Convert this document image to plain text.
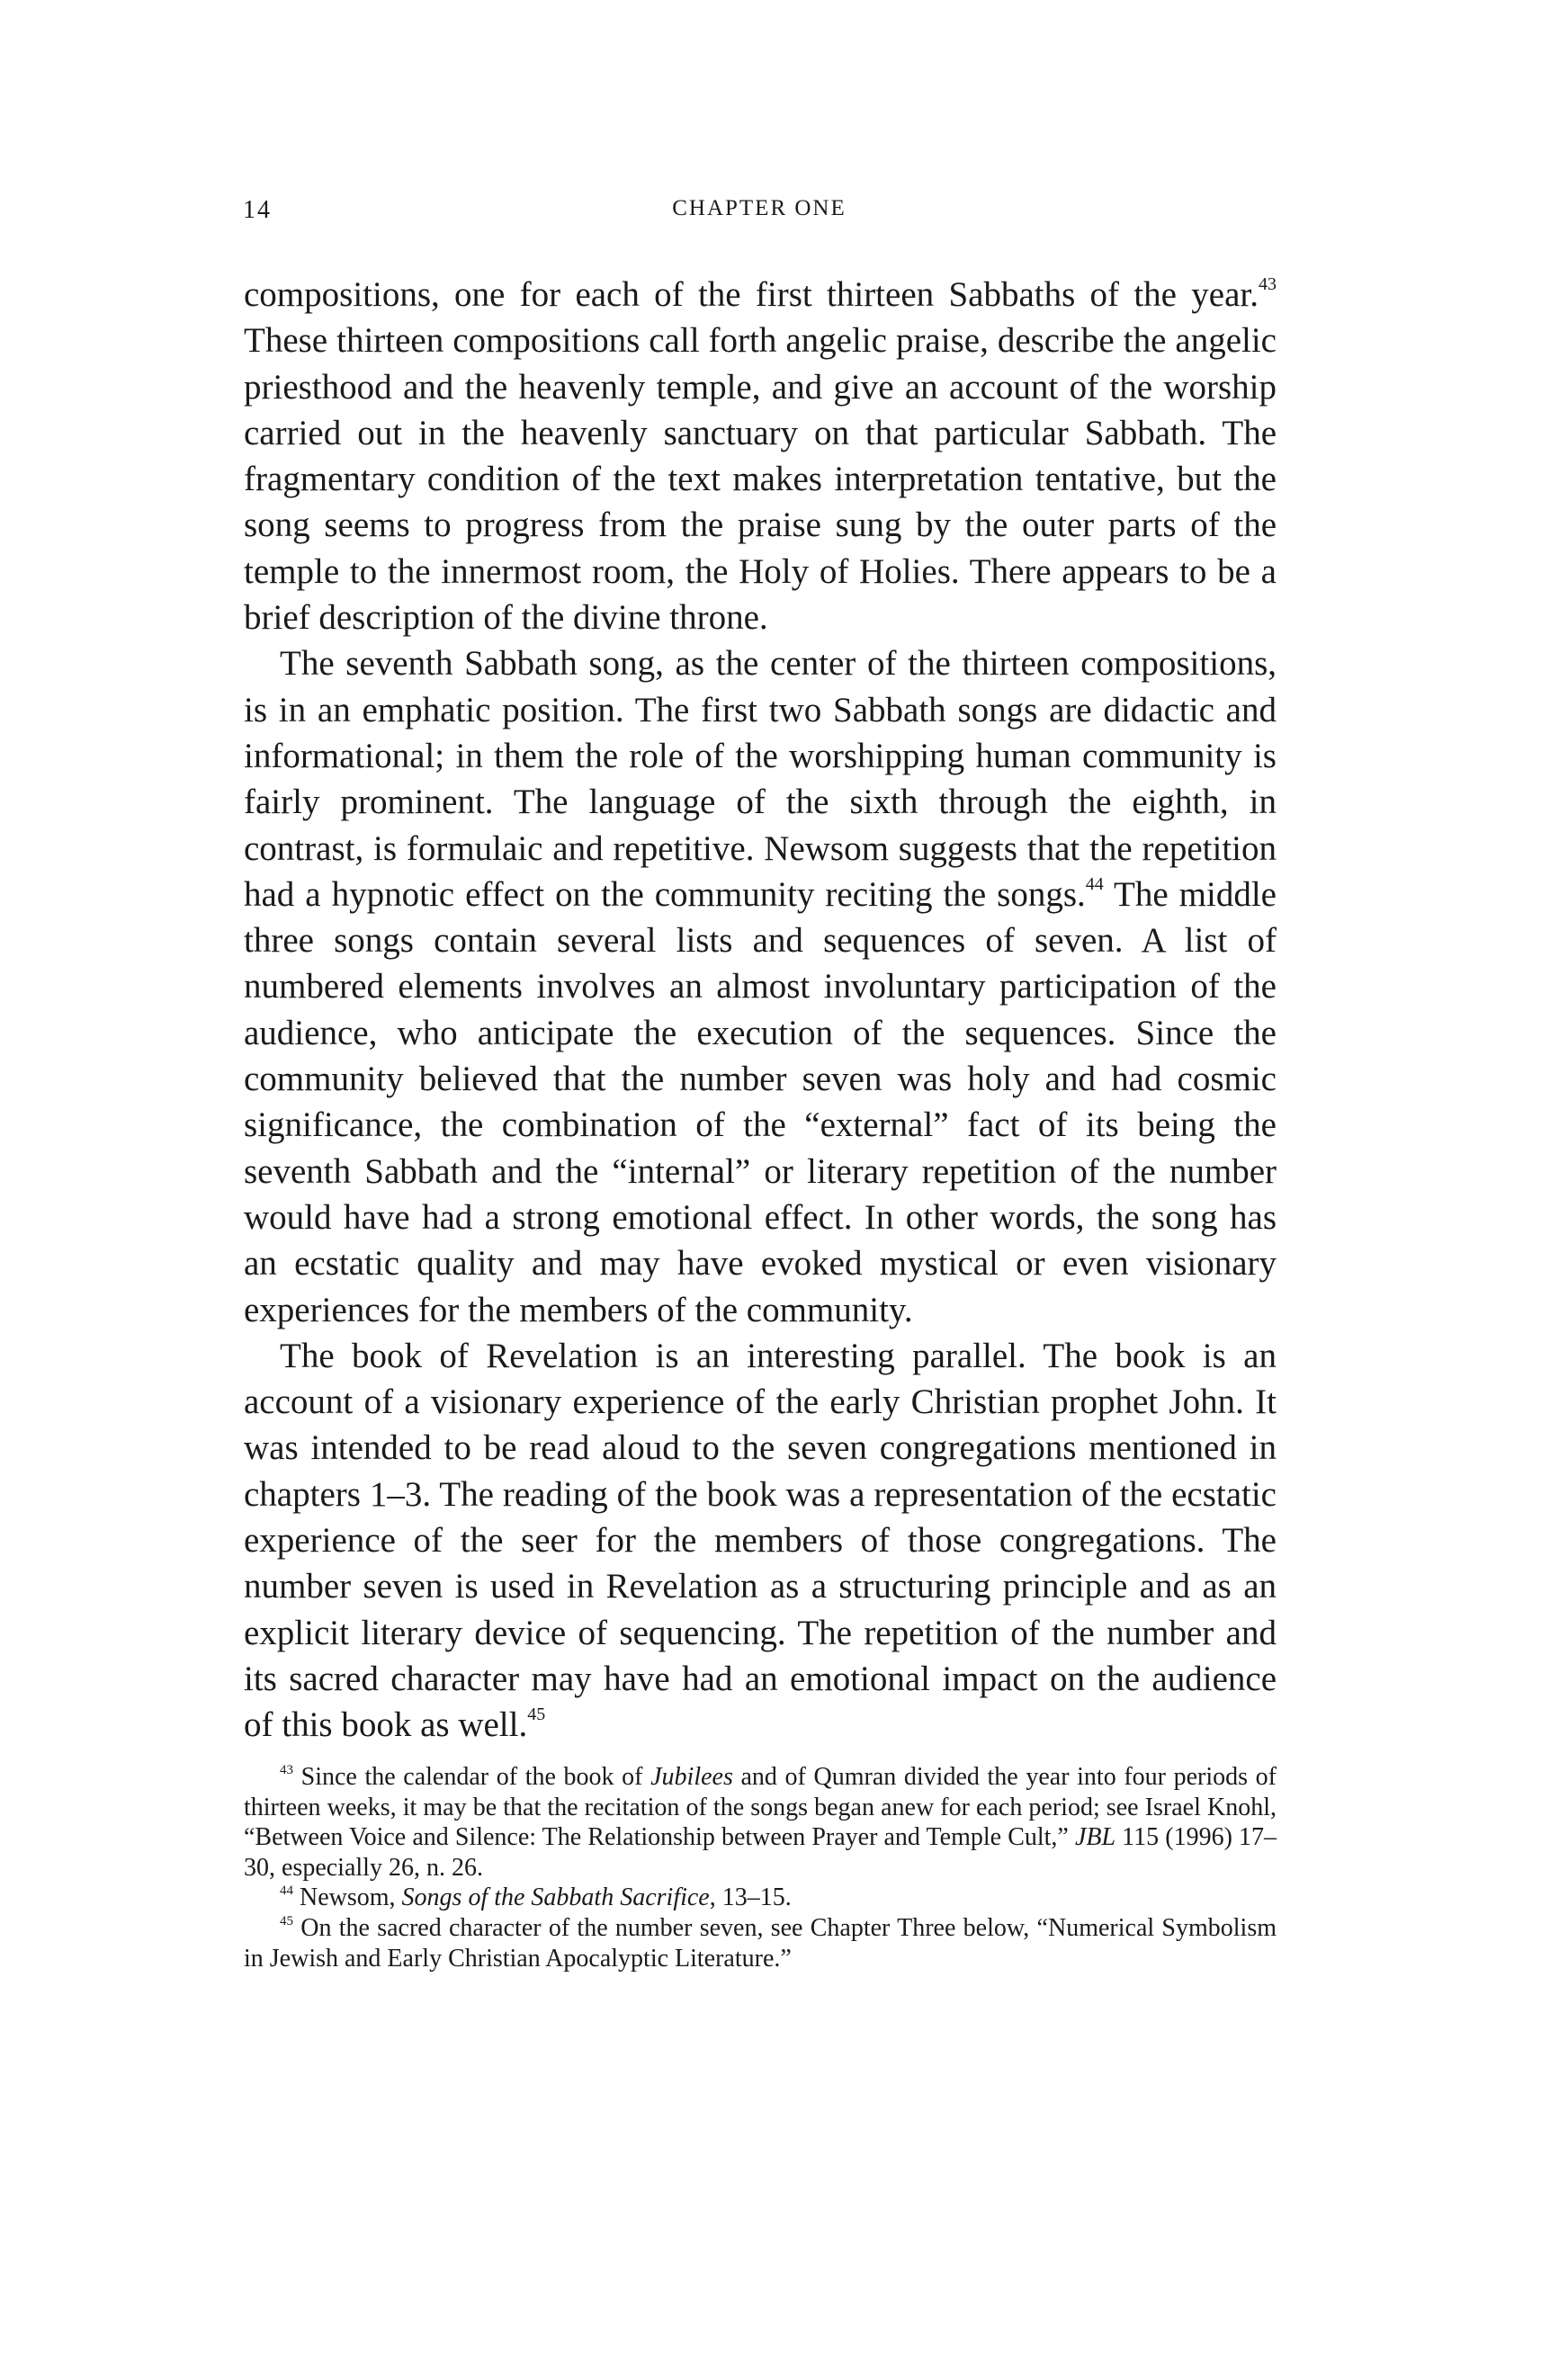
14	CHAPTER ONE

compositions, one for each of the first thirteen Sabbaths of the year.$^{43}$ These thirteen compositions call forth angelic praise, describe the angelic priesthood and the heavenly temple, and give an account of the worship carried out in the heavenly sanctuary on that particular Sabbath. The fragmentary condition of the text makes interpretation tentative, but the song seems to progress from the praise sung by the outer parts of the temple to the innermost room, the Holy of Holies. There appears to be a brief description of the divine throne.

The seventh Sabbath song, as the center of the thirteen compositions, is in an emphatic position. The first two Sabbath songs are didactic and informational; in them the role of the worshipping human community is fairly prominent. The language of the sixth through the eighth, in contrast, is formulaic and repetitive. Newsom suggests that the repetition had a hypnotic effect on the community reciting the songs.$^{44}$ The middle three songs contain several lists and sequences of seven. A list of numbered elements involves an almost involuntary participation of the audience, who anticipate the execution of the sequences. Since the community believed that the number seven was holy and had cosmic significance, the combination of the “external” fact of its being the seventh Sabbath and the “internal” or literary repetition of the number would have had a strong emotional effect. In other words, the song has an ecstatic quality and may have evoked mystical or even visionary experiences for the members of the community.

The book of Revelation is an interesting parallel. The book is an account of a visionary experience of the early Christian prophet John. It was intended to be read aloud to the seven congregations mentioned in chapters 1–3. The reading of the book was a representation of the ecstatic experience of the seer for the members of those congregations. The number seven is used in Revelation as a structuring principle and as an explicit literary device of sequencing. The repetition of the number and its sacred character may have had an emotional impact on the audience of this book as well.$^{45}$

$^{43}$ Since the calendar of the book of Jubilees and of Qumran divided the year into four periods of thirteen weeks, it may be that the recitation of the songs began anew for each period; see Israel Knohl, “Between Voice and Silence: The Relationship between Prayer and Temple Cult,” JBL 115 (1996) 17–30, especially 26, n. 26.

$^{44}$ Newsom, Songs of the Sabbath Sacrifice, 13–15.

$^{45}$ On the sacred character of the number seven, see Chapter Three below, “Numerical Symbolism in Jewish and Early Christian Apocalyptic Literature.”
